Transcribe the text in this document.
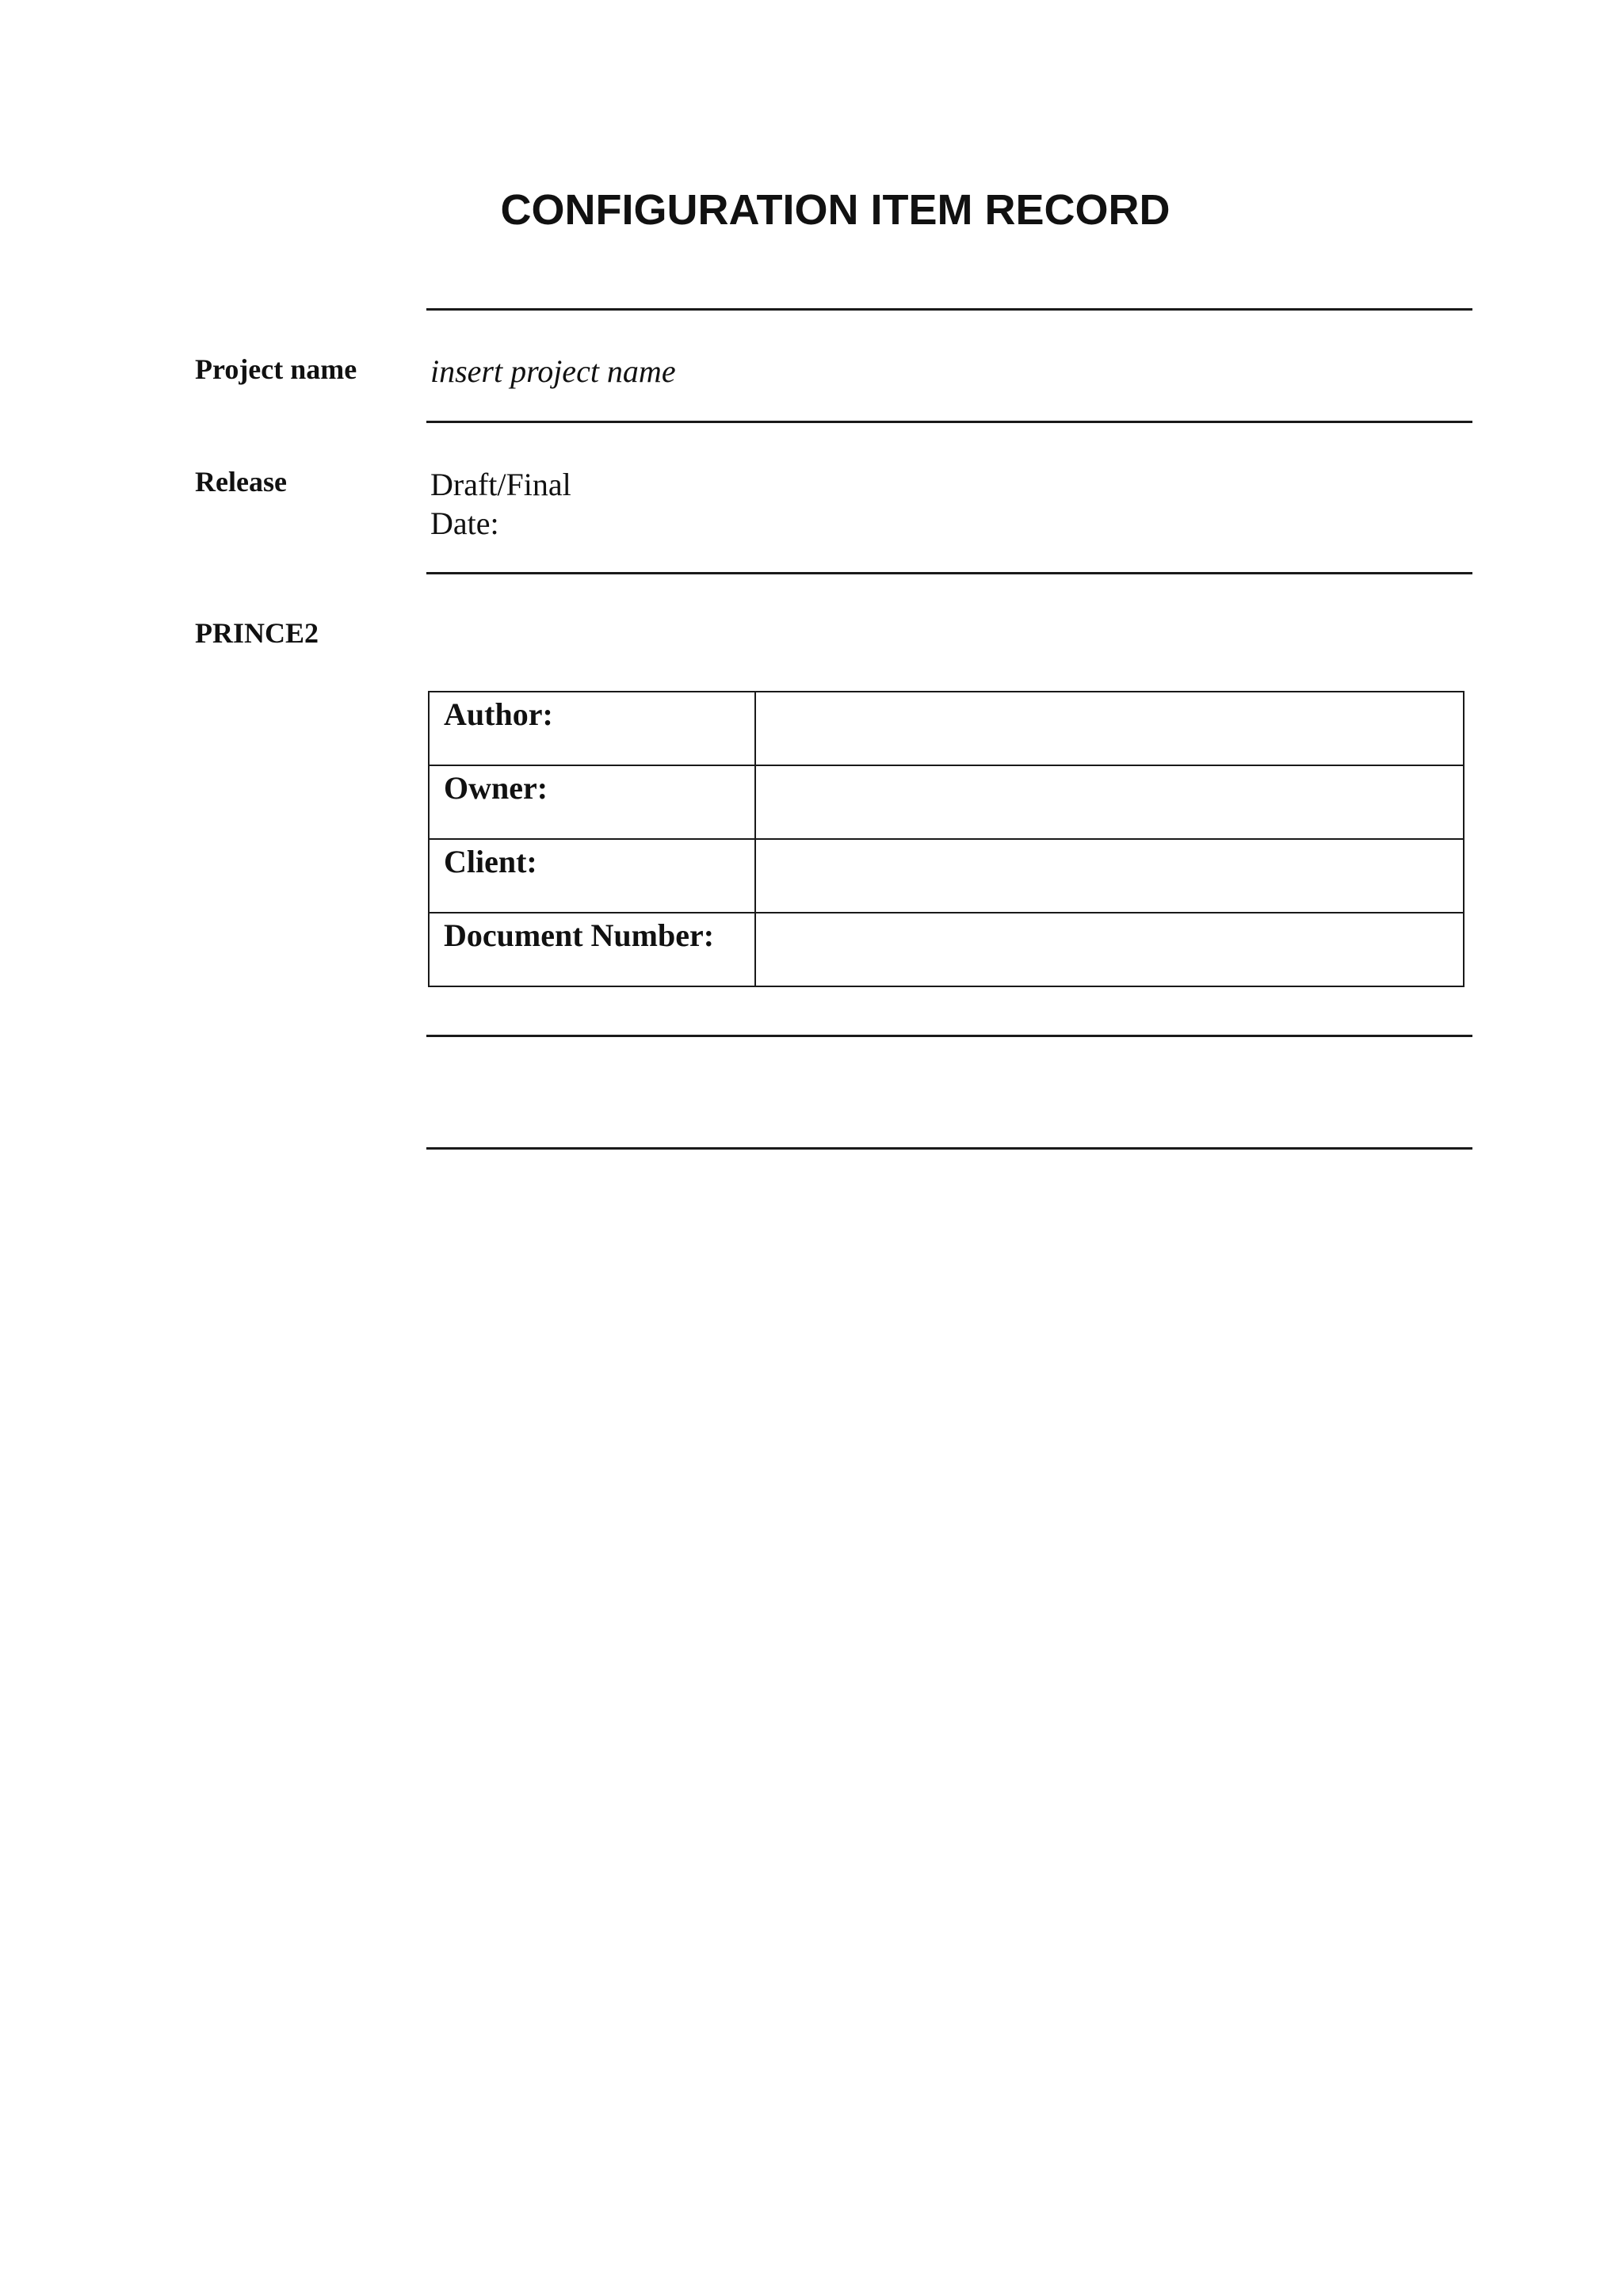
CONFIGURATION ITEM RECORD
Project name insert project name
Release	Draft/Final
Date:
PRINCE2
Author:	
Owner:	
Client:	
Document Number:	
